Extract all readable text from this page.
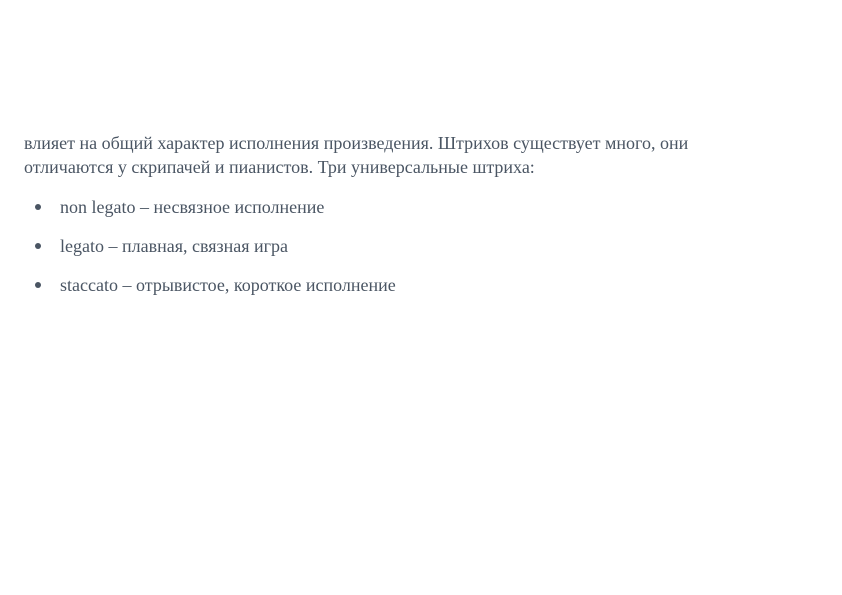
влияет на общий характер исполнения произведения. Штрихов существует много, они
отличаются у скрипачей и пианистов. Три универсальные штриха:

non legato – несвязное исполнение
legato – плавная, связная игра
staccato – отрывистое, короткое исполнение
